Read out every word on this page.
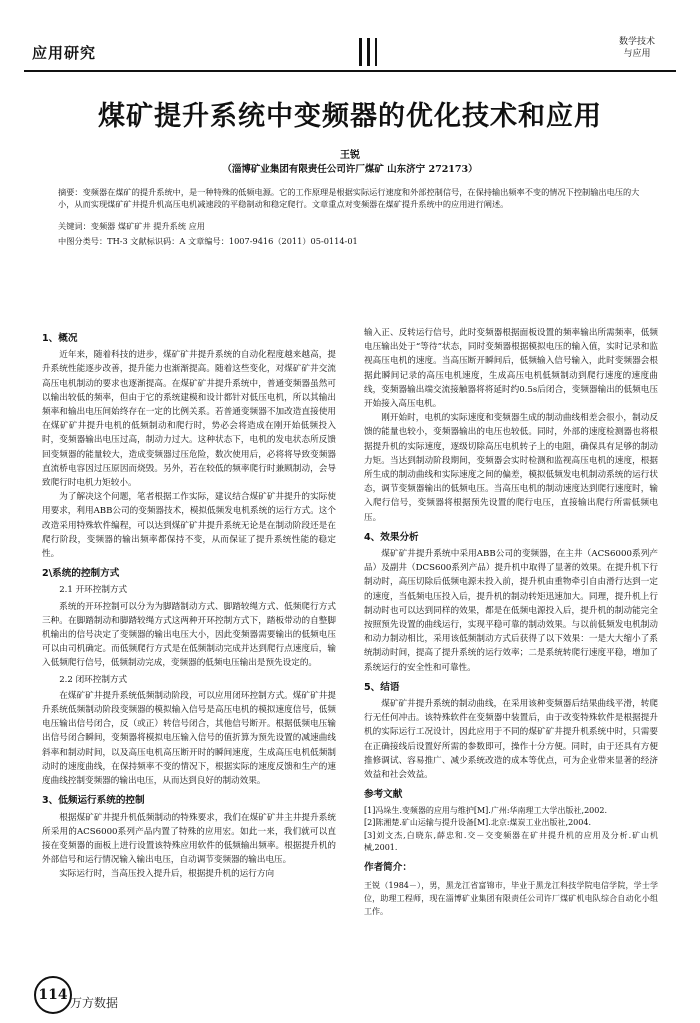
应用研究
数学技术
与应用
煤矿提升系统中变频器的优化技术和应用
王锐
（淄博矿业集团有限责任公司许厂煤矿 山东济宁 272173）
摘要：变频器在煤矿的提升系统中，是一种特殊的低频电源。它的工作原理是根据实际运行速度和外部控制信号，在保持输出频率不变的情况下控制输出电压的大小，从而实现煤矿矿井提升机高压电机减速段的平稳制动和稳定爬行。文章重点对变频器在煤矿提升系统中的应用进行阐述。
关键词：变频器 煤矿矿井 提升系统 应用
中图分类号：TH-3 文献标识码：A 文章编号：1007-9416（2011）05-0114-01
1、概况

近年来，随着科技的进步，煤矿矿井提升系统的自动化程度越来越高，提升系统性能逐步改善，提升能力也渐渐提高。随着这些变化，对煤矿矿井交流高压电机制动的要求也逐渐提高。在煤矿矿井提升系统中，普通变频器虽然可以输出较低的频率，但由于它的系统建模和设计都针对低压电机，所以其输出频率和输出电压间始终存在一定的比例关系。若普通变频器不加改造直接使用在煤矿矿井提升电机的低频制动和爬行时，势必会将造成在刚开始低频投入时，变频器输出电压过高，制动力过大。这种状态下，电机的发电状态所反馈回变频器的能量较大，造成变频器过压危险，数次使用后，必将将导致变频器直流桥电容因过压原因而烧毁。另外，若在较低的频率爬行时兼顾制动，会导致爬行时电机力矩较小。

为了解决这个问题，笔者根据工作实际，建议结合煤矿矿井提升的实际使用要求，利用ABB公司的变频器技术，模拟低频发电机系统的运行方式。这个改造采用特殊软件编程，可以达到煤矿矿井提升系统无论是在制动阶段还是在爬行阶段，变频器的输出频率都保持不变，从而保证了提升系统性能的稳定性。

2\系统的控制方式
2.1 开环控制方式

系统的开环控制可以分为为脚踏制动方式、脚踏较绳方式、低频爬行方式三种。在脚踏制动和脚踏较绳方式这两种开环控制方式下，踏板带动的自整脚机输出的信号决定了变频器的输出电压大小，因此变频器需要输出的低频电压可以由司机确定。而低频爬行方式是在低频制动完成并达到爬行点速度后，输入低频爬行信号，低频制动完成，变频器的低频电压输出是预先设定的。

2.2 闭环控制方式

在煤矿矿井提升系统低频制动阶段，可以应用闭环控制方式。煤矿矿井提升系统低频制动阶段变频器的模拟输入信号是高压电机的模拟速度信号，低频电压输出信号闭合，反（或正）转信号闭合，其他信号断开。根据低频电压输出信号闭合瞬间，变频器将模拟电压输入信号的值折算为预先设置的减速曲线斜率和制动时间，以及高压电机高压断开时的瞬间速度，生成高压电机低频制动时的速度曲线，在保持频率不变的情况下，根据实际的速度反馈和生产的速度曲线控制变频器的输出电压，从而达到良好的制动效果。

3、低频运行系统的控制

根据煤矿矿井提升机低频制动的特殊要求，我们在煤矿矿井主井提升系统所采用的ACS6000系列产品内置了特殊的应用宏。如此一来，我们就可以直接在变频器的面板上进行设置该特殊应用软件的低频输出频率。根据提升机的外部信号和运行情况输入输出电压，自动调节变频器的输出电压。

实际运行时，当高压投入提升后，根据提升机的运行方向

输入正、反转运行信号，此时变频器根据面板设置的频率输出所需频率，低频电压输出处于“等待”状态，同时变频器根据模拟电压的输入值，实时记录和监视高压电机的速度。当高压断开瞬间后，低频输入信号输入，此时变频器会根据此瞬间记录的高压电机速度，生成高压电机低频制动到爬行速度的速度曲线，变频器输出端交流接触器将将延时约0.5s后闭合，变频器输出的低频电压开始接入高压电机。

刚开始时，电机的实际速度和变频器生成的制动曲线相差会很小，制动反馈的能量也较小，变频器输出的电压也较低。同时，外部的速度检测器也将根据提升机的实际速度，逐级切除高压电机转子上的电阻，确保具有足够的制动力矩。当达到制动阶段期间，变频器会实时检测和监视高压电机的速度，根据所生成的制动曲线和实际速度之间的偏差，模拟低频发电机制动系统的运行状态，调节变频器输出的低频电压。当高压电机的制动速度达到爬行速度时，输入爬行信号，变频器将根据预先设置的爬行电压，直接输出爬行所需低频电压。

4、效果分析

煤矿矿井提升系统中采用ABB公司的变频器，在主井（ACS6000系列产品）及副井（DCS600系列产品）提升机中取得了显著的效果。在提升机下行制动时，高压切除后低频电源未投入前，提升机由重物牵引自由滑行达到一定的速度，当低频电压投入后，提升机的制动转矩迅速加大。同理，提升机上行制动时也可以达到同样的效果，都是在低频电源投入后，提升机的制动能完全按照预先设置的曲线运行，实现平稳可靠的制动效果。与以前低频发电机制动和动力制动相比，采用该低频制动方式后获得了以下效果：一是大大缩小了系统制动时间，提高了提升系统的运行效率；二是系统转爬行速度平稳，增加了系统运行的安全性和可靠性。

5、结语

煤矿矿井提升系统的制动曲线，在采用该种变频器后结果曲线平滑，转爬行无任何冲击。该特殊软件在变频器中装置后，由于改变特殊软件是根据提升机的实际运行工况设计，因此应用于不同的煤矿矿井提升机系统中时，只需要在正确接线后设置好所需的参数即可，操作十分方便。同时，由于还具有方便推修调试、容易推广、减少系统改造的成本等优点，可为企业带来显著的经济效益和社会效益。

参考文献

[1]冯垛生.变频器的应用与维护[M].广州:华南理工大学出版社,2002.

[2]陈湘楚.矿山运输与提升设备[M].北京:煤炭工业出版社,2004.

[3]刘文杰,白晓东,薛忠和.交－交变频器在矿井提升机的应用及分析.矿山机械,2001.

作者简介：

王锐（1984－），男，黑龙江省富锦市，毕业于黑龙江科技学院电信学院，学士学位，助理工程师，现在淄博矿业集团有限责任公司许厂煤矿机电队综合自动化小组工作。

114 万方数据
